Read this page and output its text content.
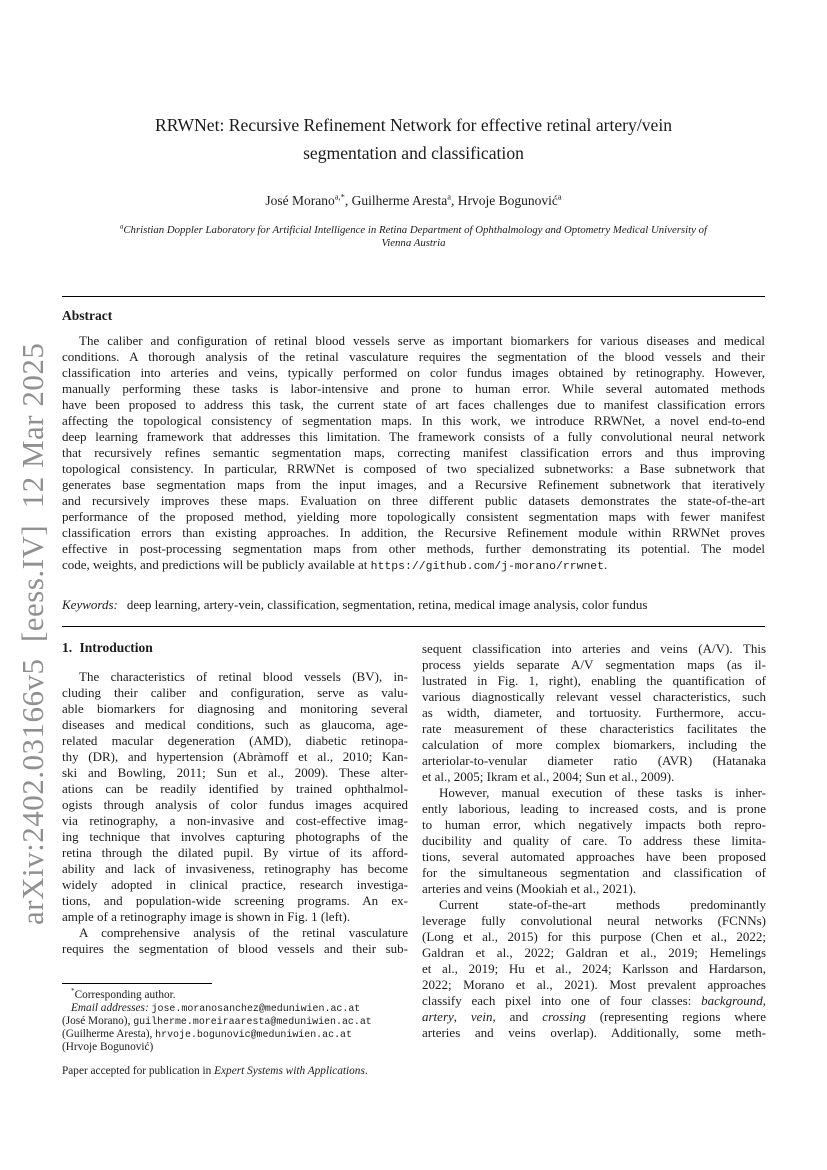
arXiv:2402.03166v5  [eess.IV]  12 Mar 2025
RRWNet: Recursive Refinement Network for effective retinal artery/vein
segmentation and classification
José Morano$^{a,*}$, Guilherme Aresta$^a$, Hrvoje Bogunović$^a$
$^a$Christian Doppler Laboratory for Artificial Intelligence in Retina Department of Ophthalmology and Optometry Medical University of
Vienna Austria
Abstract
The caliber and configuration of retinal blood vessels serve as important biomarkers for various diseases and medical
conditions. A thorough analysis of the retinal vasculature requires the segmentation of the blood vessels and their
classification into arteries and veins, typically performed on color fundus images obtained by retinography. However,
manually performing these tasks is labor-intensive and prone to human error. While several automated methods
have been proposed to address this task, the current state of art faces challenges due to manifest classification errors
affecting the topological consistency of segmentation maps. In this work, we introduce RRWNet, a novel end-to-end
deep learning framework that addresses this limitation. The framework consists of a fully convolutional neural network
that recursively refines semantic segmentation maps, correcting manifest classification errors and thus improving
topological consistency. In particular, RRWNet is composed of two specialized subnetworks: a Base subnetwork that
generates base segmentation maps from the input images, and a Recursive Refinement subnetwork that iteratively
and recursively improves these maps. Evaluation on three different public datasets demonstrates the state-of-the-art
performance of the proposed method, yielding more topologically consistent segmentation maps with fewer manifest
classification errors than existing approaches. In addition, the Recursive Refinement module within RRWNet proves
effective in post-processing segmentation maps from other methods, further demonstrating its potential. The model
code, weights, and predictions will be publicly available at https://github.com/j-morano/rrwnet.
Keywords: deep learning, artery-vein, classification, segmentation, retina, medical image analysis, color fundus
1. Introduction
The characteristics of retinal blood vessels (BV), in-
cluding their caliber and configuration, serve as valu-
able biomarkers for diagnosing and monitoring several
diseases and medical conditions, such as glaucoma, age-
related macular degeneration (AMD), diabetic retinopa-
thy (DR), and hypertension (Abràmoff et al., 2010; Kan-
ski and Bowling, 2011; Sun et al., 2009). These alter-
ations can be readily identified by trained ophthalmol-
ogists through analysis of color fundus images acquired
via retinography, a non-invasive and cost-effective imag-
ing technique that involves capturing photographs of the
retina through the dilated pupil. By virtue of its afford-
ability and lack of invasiveness, retinography has become
widely adopted in clinical practice, research investiga-
tions, and population-wide screening programs. An ex-
ample of a retinography image is shown in Fig. 1 (left).
A comprehensive analysis of the retinal vasculature
requires the segmentation of blood vessels and their sub-
sequent classification into arteries and veins (A/V). This
process yields separate A/V segmentation maps (as il-
lustrated in Fig. 1, right), enabling the quantification of
various diagnostically relevant vessel characteristics, such
as width, diameter, and tortuosity. Furthermore, accu-
rate measurement of these characteristics facilitates the
calculation of more complex biomarkers, including the
arteriolar-to-venular diameter ratio (AVR) (Hatanaka
et al., 2005; Ikram et al., 2004; Sun et al., 2009).
However, manual execution of these tasks is inher-
ently laborious, leading to increased costs, and is prone
to human error, which negatively impacts both repro-
ducibility and quality of care. To address these limita-
tions, several automated approaches have been proposed
for the simultaneous segmentation and classification of
arteries and veins (Mookiah et al., 2021).
Current state-of-the-art methods predominantly
leverage fully convolutional neural networks (FCNNs)
(Long et al., 2015) for this purpose (Chen et al., 2022;
Galdran et al., 2022; Galdran et al., 2019; Hemelings
et al., 2019; Hu et al., 2024; Karlsson and Hardarson,
2022; Morano et al., 2021). Most prevalent approaches
classify each pixel into one of four classes: background,
artery, vein, and crossing (representing regions where
arteries and veins overlap). Additionally, some meth-
*Corresponding author.
Email addresses: jose.moranosanchez@meduniwien.ac.at
(José Morano), guilherme.moreiraaresta@meduniwien.ac.at
(Guilherme Aresta), hrvoje.bogunovic@meduniwien.ac.at
(Hrvoje Bogunović)
Paper accepted for publication in Expert Systems with Applications.
